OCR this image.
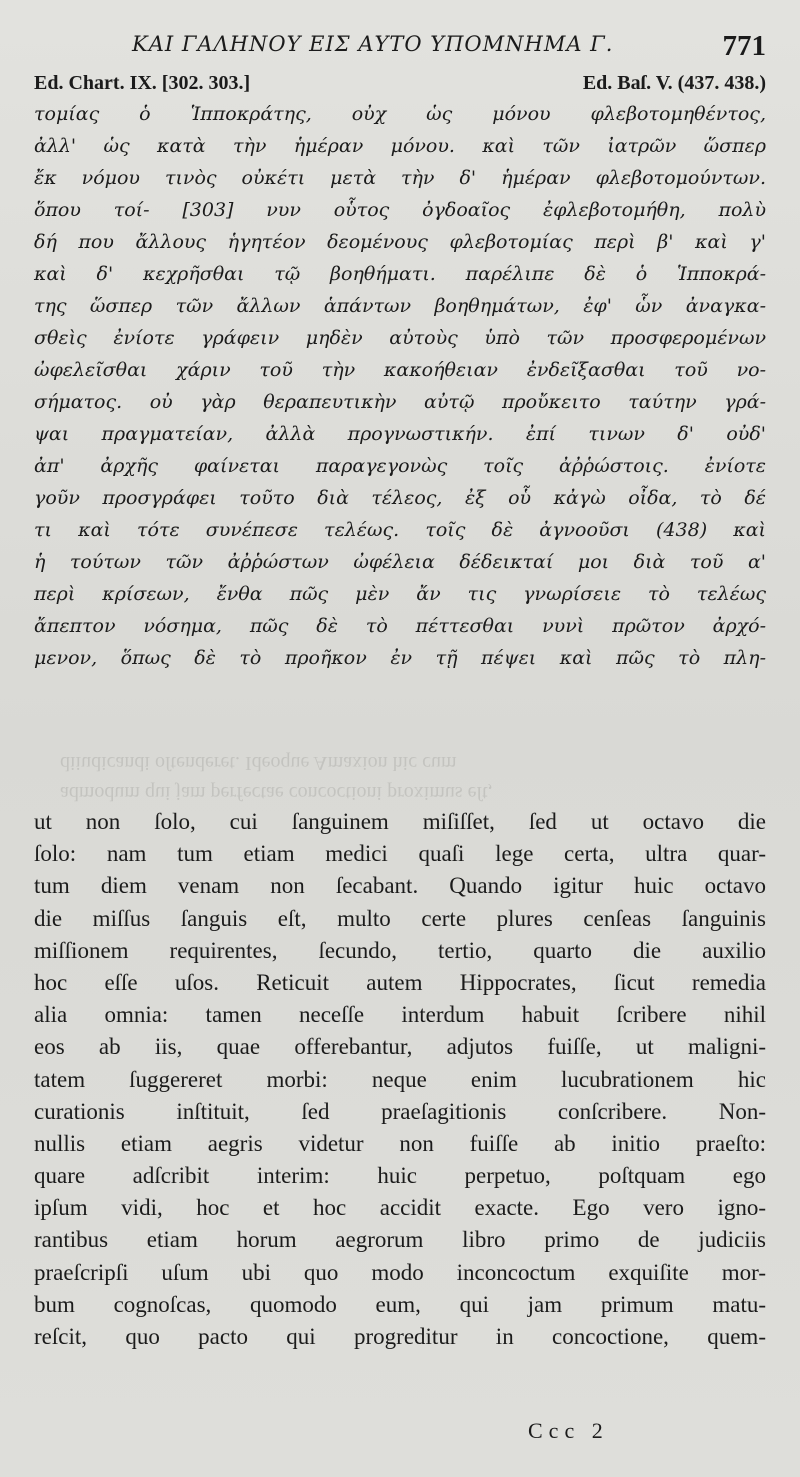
ΚΑΙ ΓΑΛΗΝΟΥ ΕΙΣ ΑΥΤΟ ΥΠΟΜΝΗΜΑ Γ.	771
Ed. Chart. IX. [302. 303.]	Ed. Baſ. V. (437. 438.)
τομίας ὁ Ἱπποκράτης, οὐχ ὡς μόνου φλεβοτομηθέντος,
ἀλλ' ὡς κατὰ τὴν ἡμέραν μόνου. καὶ τῶν ἰατρῶν ὥσπερ
ἔκ νόμου τινὸς οὐκέτι μετὰ τὴν δ' ἡμέραν φλεβοτομούντων.
ὅπου τοί- [303] νυν οὗτος ὀγδοαῖος ἐφλεβοτομήθη, πολὺ
δή που ἄλλους ἡγητέον δεομένους φλεβοτομίας περὶ β' καὶ γ'
καὶ δ' κεχρῆσθαι τῷ βοηθήματι. παρέλιπε δὲ ὁ Ἱπποκρά-
της ὥσπερ τῶν ἄλλων ἁπάντων βοηθημάτων, ἐφ' ὧν ἀναγκα-
σθεὶς ἐνίοτε γράφειν μηδὲν αὐτοὺς ὑπὸ τῶν προσφερομένων
ὠφελεῖσθαι χάριν τοῦ τὴν κακοήθειαν ἐνδεῖξασθαι τοῦ νο-
σήματος. οὐ γὰρ θεραπευτικὴν αὐτῷ προὔκειτο ταύτην γρά-
ψαι πραγματείαν, ἀλλὰ προγνωστικήν. ἐπί τινων δ' οὐδ'
ἀπ' ἀρχῆς φαίνεται παραγεγονὼς τοῖς ἀῤῥώστοις. ἐνίοτε
γοῦν προσγράφει τοῦτο διὰ τέλεος, ἐξ οὗ κἀγὼ οἶδα, τὸ δέ
τι καὶ τότε συνέπεσε τελέως. τοῖς δὲ ἀγνοοῦσι (438) καὶ
ἡ τούτων τῶν ἀῤῥώστων ὠφέλεια δέδεικταί μοι διὰ τοῦ α'
περὶ κρίσεων, ἔνθα πῶς μὲν ἄν τις γνωρίσειε τὸ τελέως
ἄπεπτον νόσημα, πῶς δὲ τὸ πέττεσθαι νυνὶ πρῶτον ἀρχό-
μενον, ὅπως δὲ τὸ προῆκον ἐν τῇ πέψει καὶ πῶς τὸ πλη-
admodum qui jam perfectae concoctioni proximus eſt,
diiudicandi oſtenderet. Ideoque Amaxion hic cum
ut non ſolo, cui ſanguinem miſiſſet, ſed ut octavo die
ſolo: nam tum etiam medici quaſi lege certa, ultra quar-
tum diem venam non ſecabant. Quando igitur huic octavo
die miſſus ſanguis eſt, multo certe plures cenſeas ſanguinis
miſſionem requirentes, ſecundo, tertio, quarto die auxilio
hoc eſſe uſos. Reticuit autem Hippocrates, ſicut remedia
alia omnia: tamen neceſſe interdum habuit ſcribere nihil
eos ab iis, quae offerebantur, adjutos fuiſſe, ut maligni-
tatem ſuggereret morbi: neque enim lucubrationem hic
curationis inſtituit, ſed praeſagitionis conſcribere. Non-
nullis etiam aegris videtur non fuiſſe ab initio praeſto:
quare adſcribit interim: huic perpetuo, poſtquam ego
ipſum vidi, hoc et hoc accidit exacte. Ego vero igno-
rantibus etiam horum aegrorum libro primo de judiciis
praeſcripſi uſum ubi quo modo inconcoctum exquiſite mor-
bum cognoſcas, quomodo eum, qui jam primum matu-
reſcit, quo pacto qui progreditur in concoctione, quem-
Ccc 2
